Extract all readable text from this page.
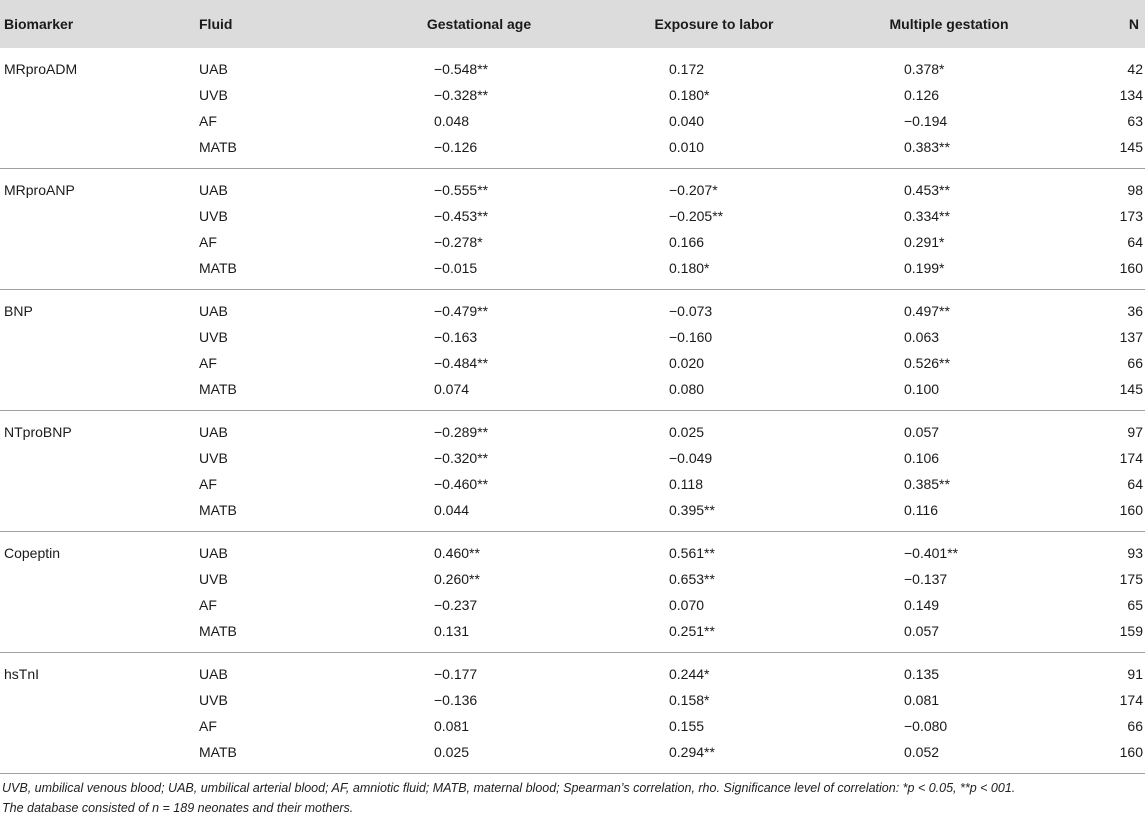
Biomarker	Fluid	Gestational age	Exposure to labor	Multiple gestation	N
MRproADM	UAB	−0.548**	0.172	0.378*	42
	UVB	−0.328**	0.180*	0.126	134
	AF	0.048	0.040	−0.194	63
	MATB	−0.126	0.010	0.383**	145
MRproANP	UAB	−0.555**	−0.207*	0.453**	98
	UVB	−0.453**	−0.205**	0.334**	173
	AF	−0.278*	0.166	0.291*	64
	MATB	−0.015	0.180*	0.199*	160
BNP	UAB	−0.479**	−0.073	0.497**	36
	UVB	−0.163	−0.160	0.063	137
	AF	−0.484**	0.020	0.526**	66
	MATB	0.074	0.080	0.100	145
NTproBNP	UAB	−0.289**	0.025	0.057	97
	UVB	−0.320**	−0.049	0.106	174
	AF	−0.460**	0.118	0.385**	64
	MATB	0.044	0.395**	0.116	160
Copeptin	UAB	0.460**	0.561**	−0.401**	93
	UVB	0.260**	0.653**	−0.137	175
	AF	−0.237	0.070	0.149	65
	MATB	0.131	0.251**	0.057	159
hsTnI	UAB	−0.177	0.244*	0.135	91
	UVB	−0.136	0.158*	0.081	174
	AF	0.081	0.155	−0.080	66
	MATB	0.025	0.294**	0.052	160
UVB, umbilical venous blood; UAB, umbilical arterial blood; AF, amniotic fluid; MATB, maternal blood; Spearman’s correlation, rho. Significance level of correlation: *p < 0.05, **p < 001.
The database consisted of n = 189 neonates and their mothers.
